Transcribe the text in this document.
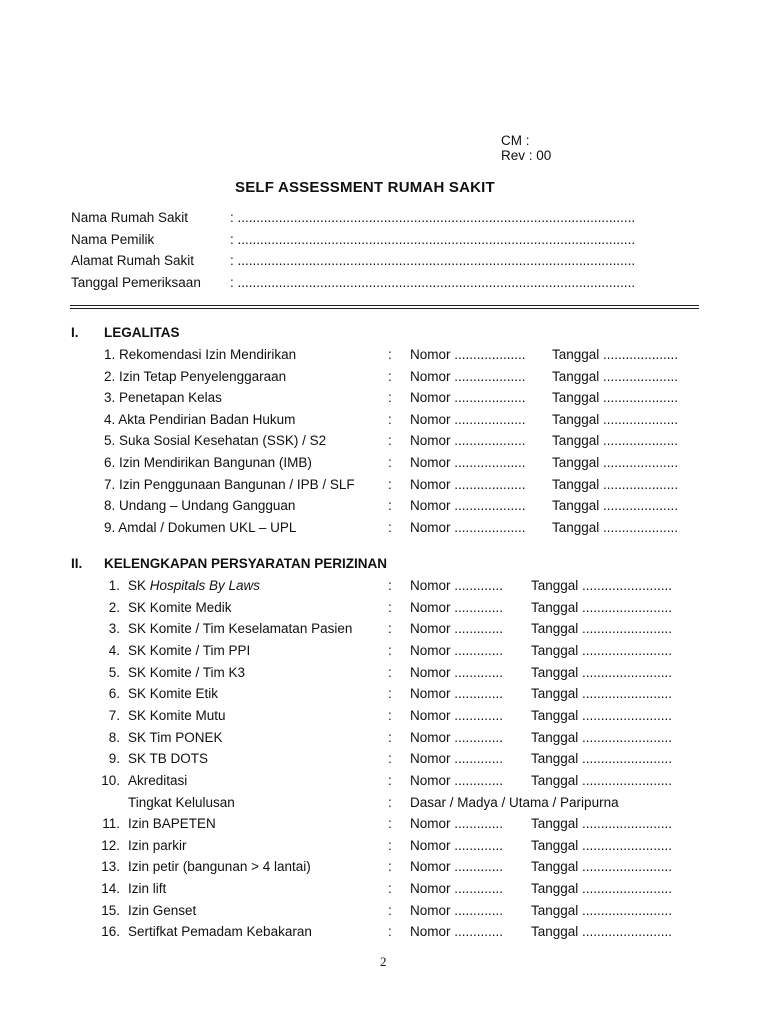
CM :
Rev : 00
SELF ASSESSMENT RUMAH SAKIT
Nama Rumah Sakit	: ..........................................................................................................
Nama Pemilik	: ..........................................................................................................
Alamat Rumah Sakit	: ..........................................................................................................
Tanggal Pemeriksaan : ..........................................................................................................
I. LEGALITAS
1. Rekomendasi Izin Mendirikan	: Nomor ................... Tanggal ....................
2. Izin Tetap Penyelenggaraan	: Nomor ................... Tanggal ....................
3. Penetapan Kelas	: Nomor ................... Tanggal ....................
4. Akta Pendirian Badan Hukum	: Nomor ................... Tanggal ....................
5. Suka Sosial Kesehatan (SSK) / S2	: Nomor ................... Tanggal ....................
6. Izin Mendirikan Bangunan (IMB)	: Nomor ................... Tanggal ....................
7. Izin Penggunaan Bangunan / IPB / SLF : Nomor ................... Tanggal ....................
8. Undang – Undang Gangguan	: Nomor ................... Tanggal ....................
9. Amdal / Dokumen UKL – UPL	: Nomor ................... Tanggal ....................
II. KELENGKAPAN PERSYARATAN PERIZINAN
1. SK Hospitals By Laws	: Nomor ............. Tanggal ........................
2. SK Komite Medik	: Nomor ............. Tanggal ........................
3. SK Komite / Tim Keselamatan Pasien	: Nomor ............. Tanggal ........................
4. SK Komite / Tim PPI	: Nomor ............. Tanggal ........................
5. SK Komite / Tim K3	: Nomor ............. Tanggal ........................
6. SK Komite Etik	: Nomor ............. Tanggal ........................
7. SK Komite Mutu	: Nomor ............. Tanggal ........................
8. SK Tim PONEK	: Nomor ............. Tanggal ........................
9. SK TB DOTS	: Nomor ............. Tanggal ........................
10. Akreditasi	: Nomor ............. Tanggal ........................
Tingkat Kelulusan	: Dasar / Madya / Utama / Paripurna
11. Izin BAPETEN	: Nomor ............. Tanggal ........................
12. Izin parkir	: Nomor ............. Tanggal ........................
13. Izin petir (bangunan > 4 lantai)	: Nomor ............. Tanggal ........................
14. Izin lift	: Nomor ............. Tanggal ........................
15. Izin Genset	: Nomor ............. Tanggal ........................
16. Sertifkat Pemadam Kebakaran	: Nomor ............. Tanggal ........................
2
